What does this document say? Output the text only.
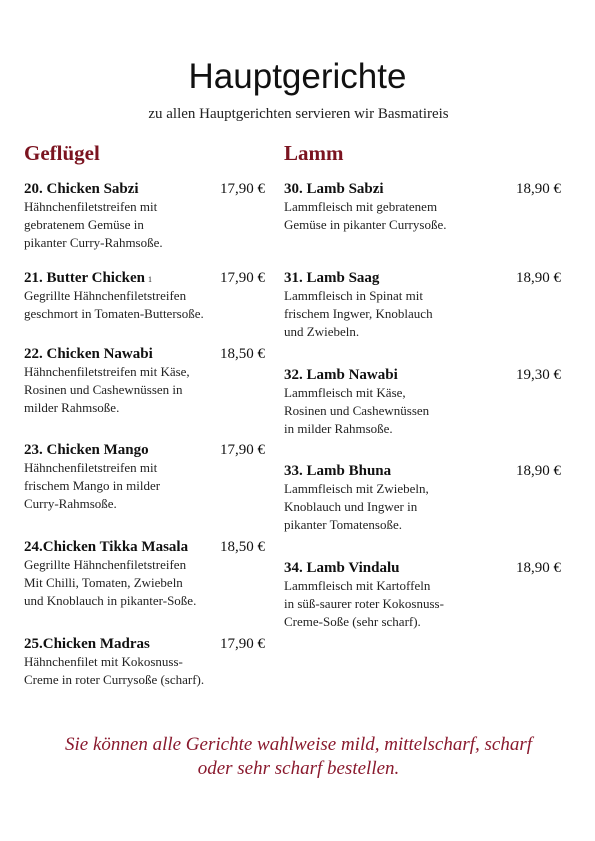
Hauptgerichte
zu allen Hauptgerichten servieren wir Basmatireis
Geflügel	Lamm
20. Chicken Sabzi	17,90 €
Hähnchenfiletstreifen mit
gebratenem Gemüse in
pikanter Curry-Rahmsoße.
21. Butter Chicken 1	17,90 €
Gegrillte Hähnchenfiletstreifen
geschmort in Tomaten-Buttersoße.
22. Chicken Nawabi	18,50 €
Hähnchenfiletstreifen mit Käse,
Rosinen und Cashewnüssen in
milder Rahmsoße.
23. Chicken Mango	17,90 €
Hähnchenfiletstreifen mit
frischem Mango in milder
Curry-Rahmsoße.
24.Chicken Tikka Masala 18,50 €
Gegrillte Hähnchenfiletstreifen
Mit Chilli, Tomaten, Zwiebeln
und Knoblauch in pikanter-Soße.
25.Chicken Madras	17,90 €
Hähnchenfilet mit Kokosnuss-
Creme in roter Currysoße (scharf).
30. Lamb Sabzi	18,90 €
Lammfleisch mit gebratenem
Gemüse in pikanter Currysoße.
31. Lamb Saag	18,90 €
Lammfleisch in Spinat mit
frischem Ingwer, Knoblauch
und Zwiebeln.
32. Lamb Nawabi	19,30 €
Lammfleisch mit Käse,
Rosinen und Cashewnüssen
in milder Rahmsoße.
33. Lamb Bhuna	18,90 €
Lammfleisch mit Zwiebeln,
Knoblauch und Ingwer in
pikanter Tomatensoße.
34. Lamb Vindalu	18,90 €
Lammfleisch mit Kartoffeln
in süß-saurer roter Kokosnuss-
Creme-Soße (sehr scharf).
Sie können alle Gerichte wahlweise mild, mittelscharf, scharf
oder sehr scharf bestellen.
